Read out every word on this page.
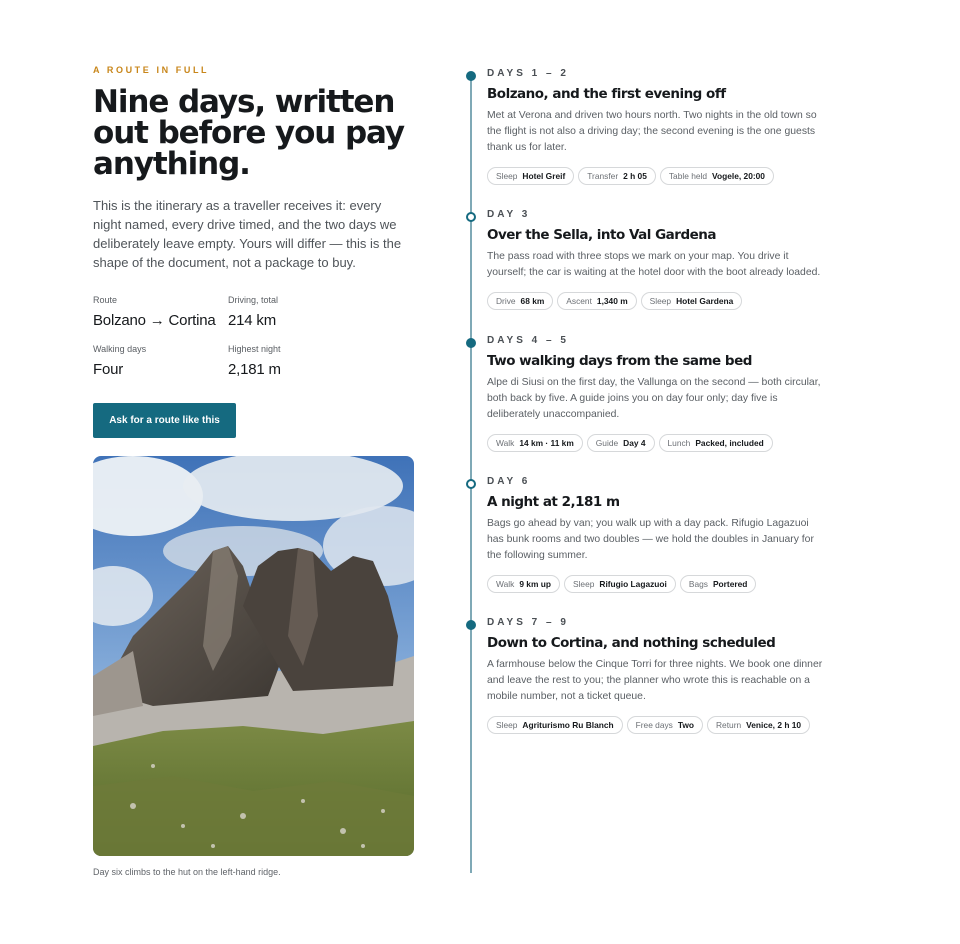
A ROUTE IN FULL
Nine days, written out before you pay anything.

This is the itinerary as a traveller receives it: every night named, every drive timed, and the two days we deliberately leave empty. Yours will differ — this is the shape of the document, not a package to buy.

Route
Bolzano → Cortina
Driving, total
214 km
Walking days
Four
Highest night
2,181 m
Ask for a route like this
Day six climbs to the hut on the left-hand ridge.
DAYS 1 – 2
Bolzano, and the first evening off
Met at Verona and driven two hours north. Two nights in the old town so the flight is not also a driving day; the second evening is the one guests thank us for later.
Sleep Hotel Greif	Transfer 2 h 05	Table held Vogele, 20:00
DAY 3
Over the Sella, into Val Gardena
The pass road with three stops we mark on your map. You drive it yourself; the car is waiting at the hotel door with the boot already loaded.
Drive 68 km	Ascent 1,340 m	Sleep Hotel Gardena
DAYS 4 – 5
Two walking days from the same bed
Alpe di Siusi on the first day, the Vallunga on the second — both circular, both back by five. A guide joins you on day four only; day five is deliberately unaccompanied.
Walk 14 km · 11 km	Guide Day 4	Lunch Packed, included
DAY 6
A night at 2,181 m
Bags go ahead by van; you walk up with a day pack. Rifugio Lagazuoi has bunk rooms and two doubles — we hold the doubles in January for the following summer.
Walk 9 km up	Sleep Rifugio Lagazuoi	Bags Portered
DAYS 7 – 9
Down to Cortina, and nothing scheduled
A farmhouse below the Cinque Torri for three nights. We book one dinner and leave the rest to you; the planner who wrote this is reachable on a mobile number, not a ticket queue.
Sleep Agriturismo Ru Blanch	Free days Two	Return Venice, 2 h 10
